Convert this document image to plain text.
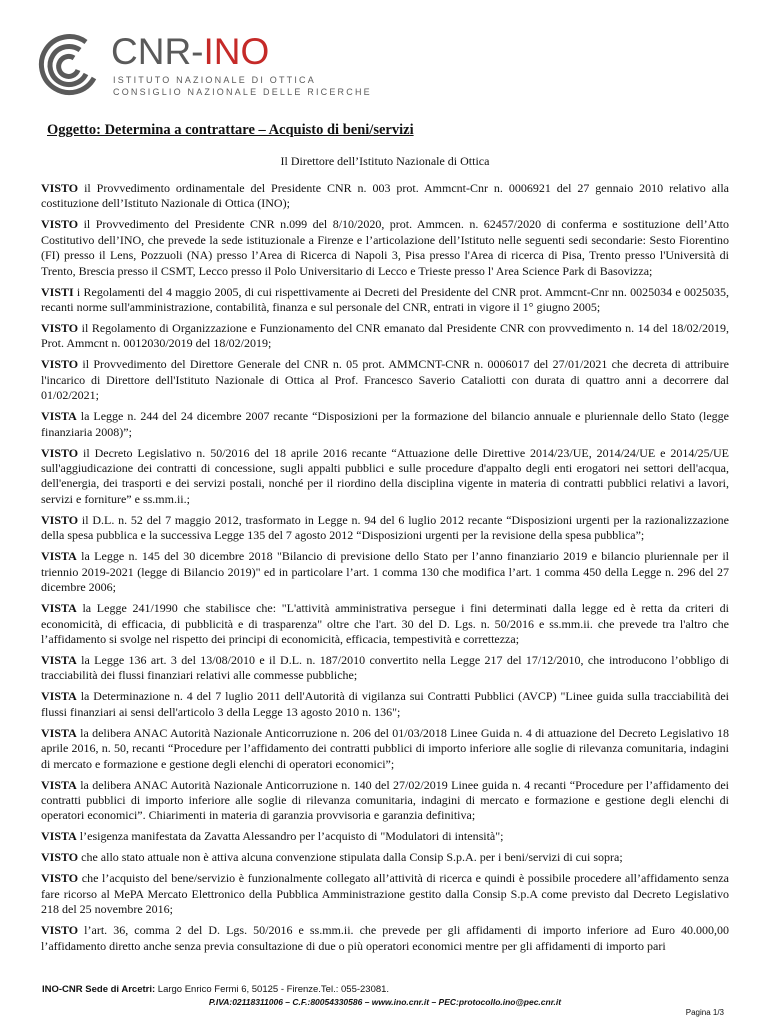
CNR-INO
ISTITUTO NAZIONALE DI OTTICA
CONSIGLIO NAZIONALE DELLE RICERCHE
Oggetto: Determina a contrattare – Acquisto di beni/servizi
Il Direttore dell’Istituto Nazionale di Ottica

VISTO il Provvedimento ordinamentale del Presidente CNR n. 003 prot. Ammcnt-Cnr n. 0006921 del 27 gennaio 2010 relativo alla costituzione dell’Istituto Nazionale di Ottica (INO);

VISTO il Provvedimento del Presidente CNR n.099 del 8/10/2020, prot. Ammcen. n. 62457/2020 di conferma e sostituzione dell’Atto Costitutivo dell’INO, che prevede la sede istituzionale a Firenze e l’articolazione dell’Istituto nelle seguenti sedi secondarie: Sesto Fiorentino (FI) presso il Lens, Pozzuoli (NA) presso l’Area di Ricerca di Napoli 3, Pisa presso l'Area di ricerca di Pisa, Trento presso l'Università di Trento, Brescia presso il CSMT, Lecco presso il Polo Universitario di Lecco e Trieste presso l' Area Science Park di Basovizza;

VISTI i Regolamenti del 4 maggio 2005, di cui rispettivamente ai Decreti del Presidente del CNR prot. Ammcnt-Cnr nn. 0025034 e 0025035, recanti norme sull'amministrazione, contabilità, finanza e sul personale del CNR, entrati in vigore il 1° giugno 2005;

VISTO il Regolamento di Organizzazione e Funzionamento del CNR emanato dal Presidente CNR con provvedimento n. 14 del 18/02/2019, Prot. Ammcnt n. 0012030/2019 del 18/02/2019;

VISTO il Provvedimento del Direttore Generale del CNR n. 05 prot. AMMCNT-CNR n. 0006017 del 27/01/2021 che decreta di attribuire l'incarico di Direttore dell'Istituto Nazionale di Ottica al Prof. Francesco Saverio Cataliotti con durata di quattro anni a decorrere dal 01/02/2021;

VISTA la Legge n. 244 del 24 dicembre 2007 recante “Disposizioni per la formazione del bilancio annuale e pluriennale dello Stato (legge finanziaria 2008)”;

VISTO il Decreto Legislativo n. 50/2016 del 18 aprile 2016 recante “Attuazione delle Direttive 2014/23/UE, 2014/24/UE e 2014/25/UE sull'aggiudicazione dei contratti di concessione, sugli appalti pubblici e sulle procedure d'appalto degli enti erogatori nei settori dell'acqua, dell'energia, dei trasporti e dei servizi postali, nonché per il riordino della disciplina vigente in materia di contratti pubblici relativi a lavori, servizi e forniture” e ss.mm.ii.;

VISTO il D.L. n. 52 del 7 maggio 2012, trasformato in Legge n. 94 del 6 luglio 2012 recante “Disposizioni urgenti per la razionalizzazione della spesa pubblica e la successiva Legge 135 del 7 agosto 2012 “Disposizioni urgenti per la revisione della spesa pubblica”;

VISTA la Legge n. 145 del 30 dicembre 2018 "Bilancio di previsione dello Stato per l’anno finanziario 2019 e bilancio pluriennale per il triennio 2019-2021 (legge di Bilancio 2019)" ed in particolare l’art. 1 comma 130 che modifica l’art. 1 comma 450 della Legge n. 296 del 27 dicembre 2006;

VISTA la Legge 241/1990 che stabilisce che: "L'attività amministrativa persegue i fini determinati dalla legge ed è retta da criteri di economicità, di efficacia, di pubblicità e di trasparenza" oltre che l'art. 30 del D. Lgs. n. 50/2016 e ss.mm.ii. che prevede tra l'altro che l’affidamento si svolge nel rispetto dei principi di economicità, efficacia, tempestività e correttezza;

VISTA la Legge 136 art. 3 del 13/08/2010 e il D.L. n. 187/2010 convertito nella Legge 217 del 17/12/2010, che introducono l’obbligo di tracciabilità dei flussi finanziari relativi alle commesse pubbliche;

VISTA la Determinazione n. 4 del 7 luglio 2011 dell'Autorità di vigilanza sui Contratti Pubblici (AVCP) "Linee guida sulla tracciabilità dei flussi finanziari ai sensi dell'articolo 3 della Legge 13 agosto 2010 n. 136";

VISTA la delibera ANAC Autorità Nazionale Anticorruzione n. 206 del 01/03/2018 Linee Guida n. 4 di attuazione del Decreto Legislativo 18 aprile 2016, n. 50, recanti “Procedure per l’affidamento dei contratti pubblici di importo inferiore alle soglie di rilevanza comunitaria, indagini di mercato e formazione e gestione degli elenchi di operatori economici”;

VISTA la delibera ANAC Autorità Nazionale Anticorruzione n. 140 del 27/02/2019 Linee guida n. 4 recanti “Procedure per l’affidamento dei contratti pubblici di importo inferiore alle soglie di rilevanza comunitaria, indagini di mercato e formazione e gestione degli elenchi di operatori economici”. Chiarimenti in materia di garanzia provvisoria e garanzia definitiva;

VISTA l’esigenza manifestata da Zavatta Alessandro per l’acquisto di "Modulatori di intensità";

VISTO che allo stato attuale non è attiva alcuna convenzione stipulata dalla Consip S.p.A. per i beni/servizi di cui sopra;

VISTO che l’acquisto del bene/servizio è funzionalmente collegato all’attività di ricerca e quindi è possibile procedere all’affidamento senza fare ricorso al MePA Mercato Elettronico della Pubblica Amministrazione gestito dalla Consip S.p.A come previsto dal Decreto Legislativo 218 del 25 novembre 2016;

VISTO l’art. 36, comma 2 del D. Lgs. 50/2016 e ss.mm.ii. che prevede per gli affidamenti di importo inferiore ad Euro 40.000,00 l’affidamento diretto anche senza previa consultazione di due o più operatori economici mentre per gli affidamenti di importo pari

INO-CNR Sede di Arcetri: Largo Enrico Fermi 6, 50125 - Firenze.Tel.: 055-23081.
P.IVA:02118311006 – C.F.:80054330586 – www.ino.cnr.it – PEC:protocollo.ino@pec.cnr.it
Pagina 1/3
